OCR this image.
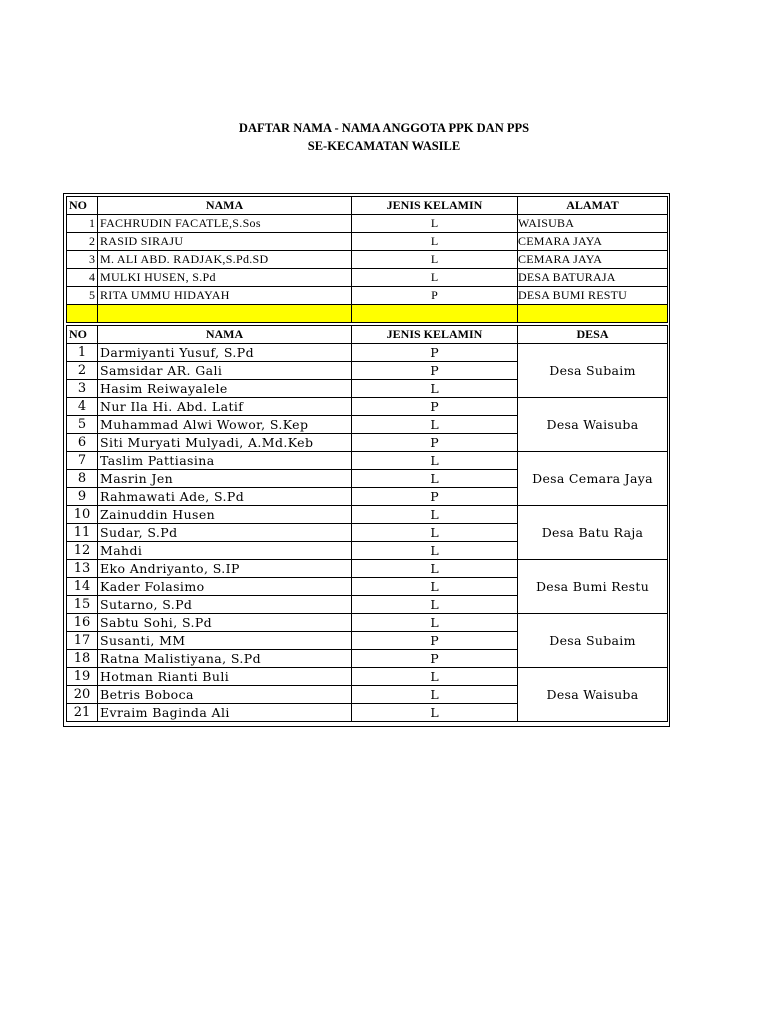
DAFTAR NAMA - NAMA ANGGOTA PPK DAN PPS
SE-KECAMATAN WASILE
NO	NAMA	JENIS KELAMIN	ALAMAT
1	FACHRUDIN FACATLE,S.Sos	L	WAISUBA
2	RASID SIRAJU	L	CEMARA JAYA
3	M. ALI ABD. RADJAK,S.Pd.SD	L	CEMARA JAYA
4	MULKI HUSEN, S.Pd	L	DESA BATURAJA
5	RITA UMMU HIDAYAH	P	DESA BUMI RESTU

NO	NAMA	JENIS KELAMIN	DESA
1	Darmiyanti Yusuf, S.Pd	P	Desa Subaim
2	Samsidar AR. Gali	P	
3	Hasim Reiwayalele	L	
4	Nur Ila Hi. Abd. Latif	P	Desa Waisuba
5	Muhammad Alwi Wowor, S.Kep	L	
6	Siti Muryati Mulyadi, A.Md.Keb	P	
7	Taslim Pattiasina	L	Desa Cemara Jaya
8	Masrin Jen	L	
9	Rahmawati Ade, S.Pd	P	
10	Zainuddin Husen	L	Desa Batu Raja
11	Sudar, S.Pd	L	
12	Mahdi	L	
13	Eko Andriyanto, S.IP	L	Desa Bumi Restu
14	Kader Folasimo	L	
15	Sutarno, S.Pd	L	
16	Sabtu Sohi, S.Pd	L	Desa Subaim
17	Susanti, MM	P	
18	Ratna Malistiyana, S.Pd	P	
19	Hotman Rianti Buli	L	Desa Waisuba
20	Betris Boboca	L	
21	Evraim Baginda Ali	L	
